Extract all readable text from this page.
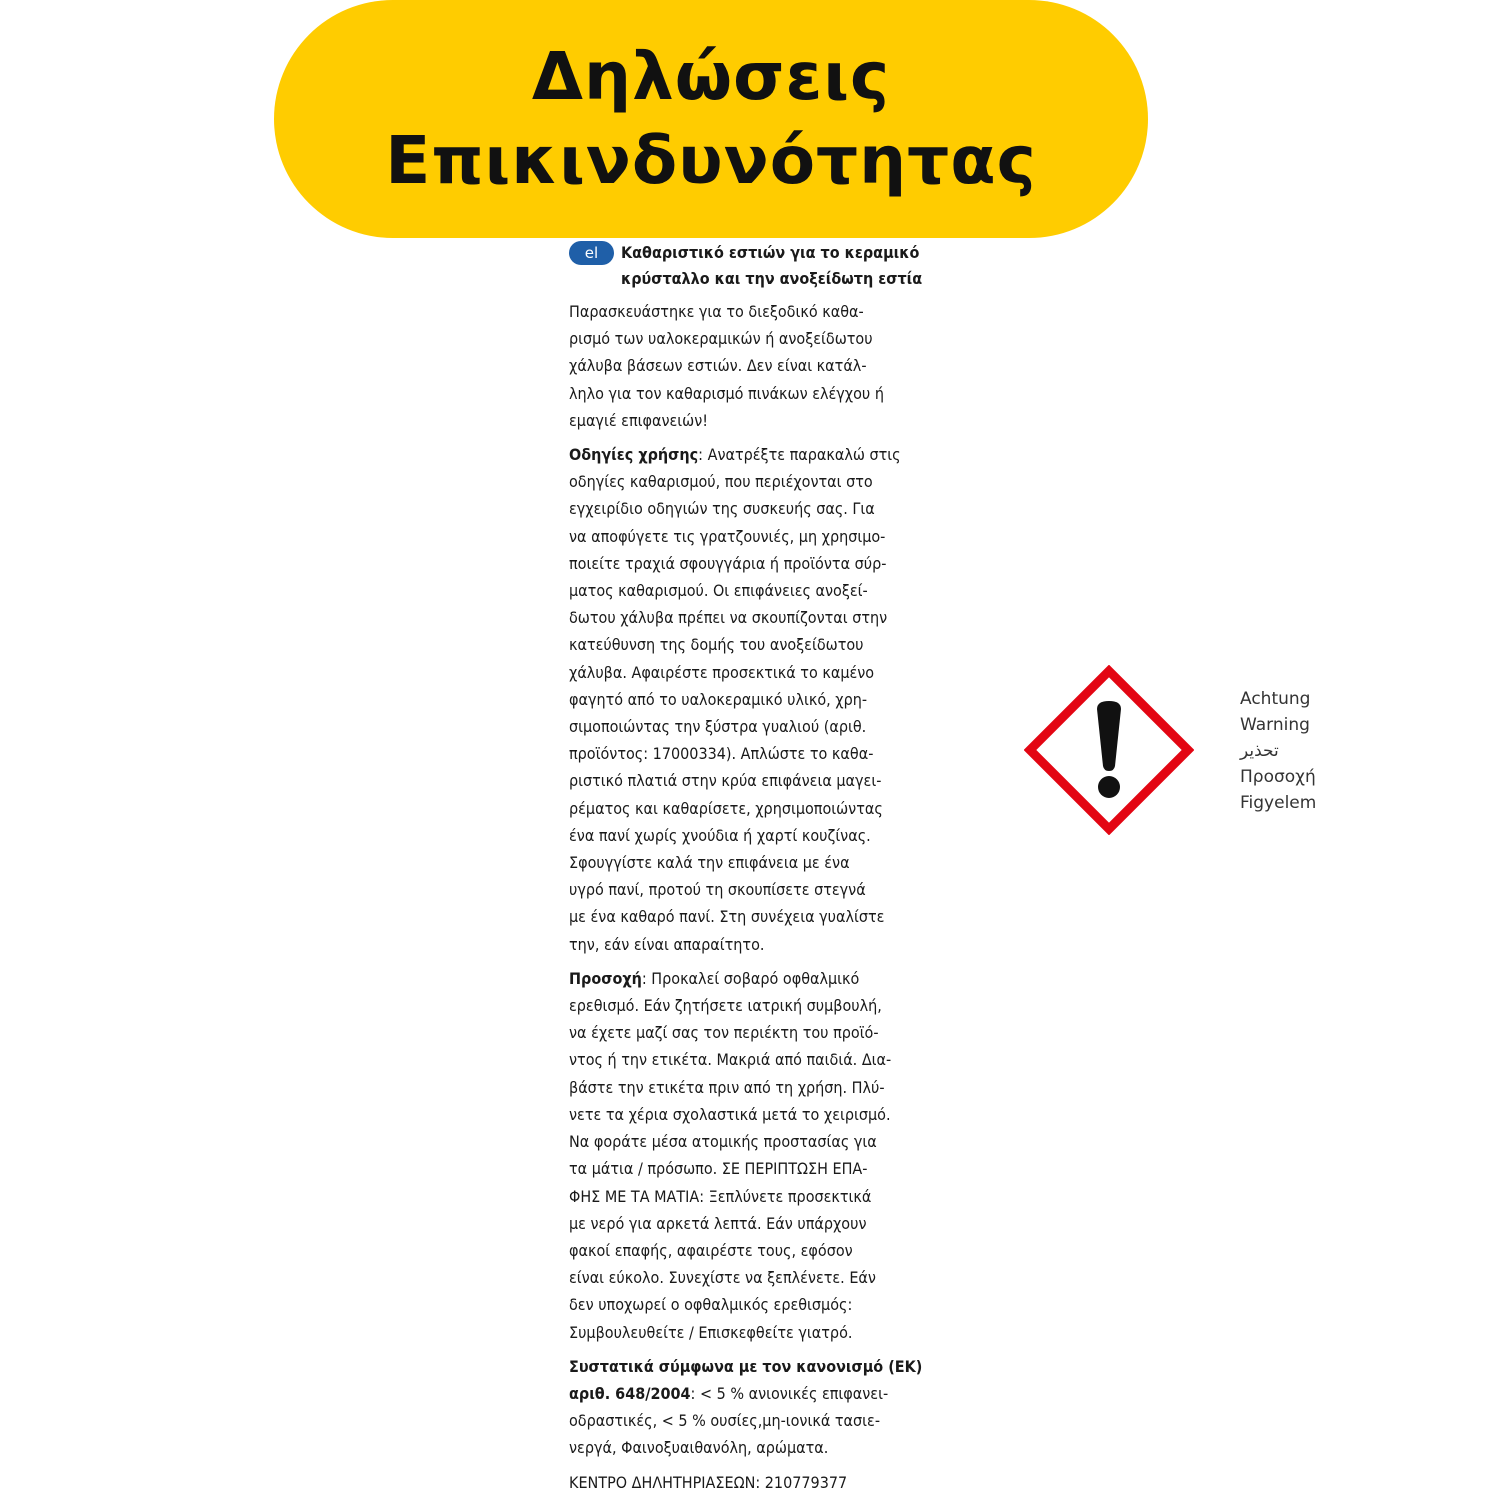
Δηλώσεις
Επικινδυνότητας
el	Καθαριστικό εστιών για το κεραμικό
κρύσταλλο και την ανοξείδωτη εστία
Παρασκευάστηκε για το διεξοδικό καθα-
ρισμό των υαλοκεραμικών ή ανοξείδωτου
χάλυβα βάσεων εστιών. Δεν είναι κατάλ-
ληλο για τον καθαρισμό πινάκων ελέγχου ή
εμαγιέ επιφανειών!
Οδηγίες χρήσης: Ανατρέξτε παρακαλώ στις
οδηγίες καθαρισμού, που περιέχονται στο
εγχειρίδιο οδηγιών της συσκευής σας. Για
να αποφύγετε τις γρατζουνιές, μη χρησιμο-
ποιείτε τραχιά σφουγγάρια ή προϊόντα σύρ-
ματος καθαρισμού. Οι επιφάνειες ανοξεί-
δωτου χάλυβα πρέπει να σκουπίζονται στην
κατεύθυνση της δομής του ανοξείδωτου
χάλυβα. Αφαιρέστε προσεκτικά το καμένο
φαγητό από το υαλοκεραμικό υλικό, χρη-
σιμοποιώντας την ξύστρα γυαλιού (αριθ.
προϊόντος: 17000334). Απλώστε το καθα-
ριστικό πλατιά στην κρύα επιφάνεια μαγει-
ρέματος και καθαρίσετε, χρησιμοποιώντας
ένα πανί χωρίς χνούδια ή χαρτί κουζίνας.
Σφουγγίστε καλά την επιφάνεια με ένα
υγρό πανί, προτού τη σκουπίσετε στεγνά
με ένα καθαρό πανί. Στη συνέχεια γυαλίστε
την, εάν είναι απαραίτητο.
Προσοχή: Προκαλεί σοβαρό οφθαλμικό
ερεθισμό. Εάν ζητήσετε ιατρική συμβουλή,
να έχετε μαζί σας τον περιέκτη του προϊό-
ντος ή την ετικέτα. Μακριά από παιδιά. Δια-
βάστε την ετικέτα πριν από τη χρήση. Πλύ-
νετε τα χέρια σχολαστικά μετά το χειρισμό.
Να φοράτε μέσα ατομικής προστασίας για
τα μάτια / πρόσωπο. ΣΕ ΠΕΡΙΠΤΩΣΗ ΕΠΑ-
ΦΗΣ ΜΕ ΤΑ ΜΑΤΙΑ: Ξεπλύνετε προσεκτικά
με νερό για αρκετά λεπτά. Εάν υπάρχουν
φακοί επαφής, αφαιρέστε τους, εφόσον
είναι εύκολο. Συνεχίστε να ξεπλένετε. Εάν
δεν υποχωρεί ο οφθαλμικός ερεθισμός:
Συμβουλευθείτε / Επισκεφθείτε γιατρό.
Συστατικά σύμφωνα με τον κανονισμό (ΕΚ)
αριθ. 648/2004: < 5 % ανιονικές επιφανει-
οδραστικές, < 5 % ουσίες,μη-ιονικά τασιε-
νεργά, Φαινοξυαιθανόλη, αρώματα.
ΚΕΝΤΡΟ ΔΗΛΗΤΗΡΙΑΣΕΩΝ: 210779377
Achtung
Warning
تحذير
Προσοχή
Figyelem
